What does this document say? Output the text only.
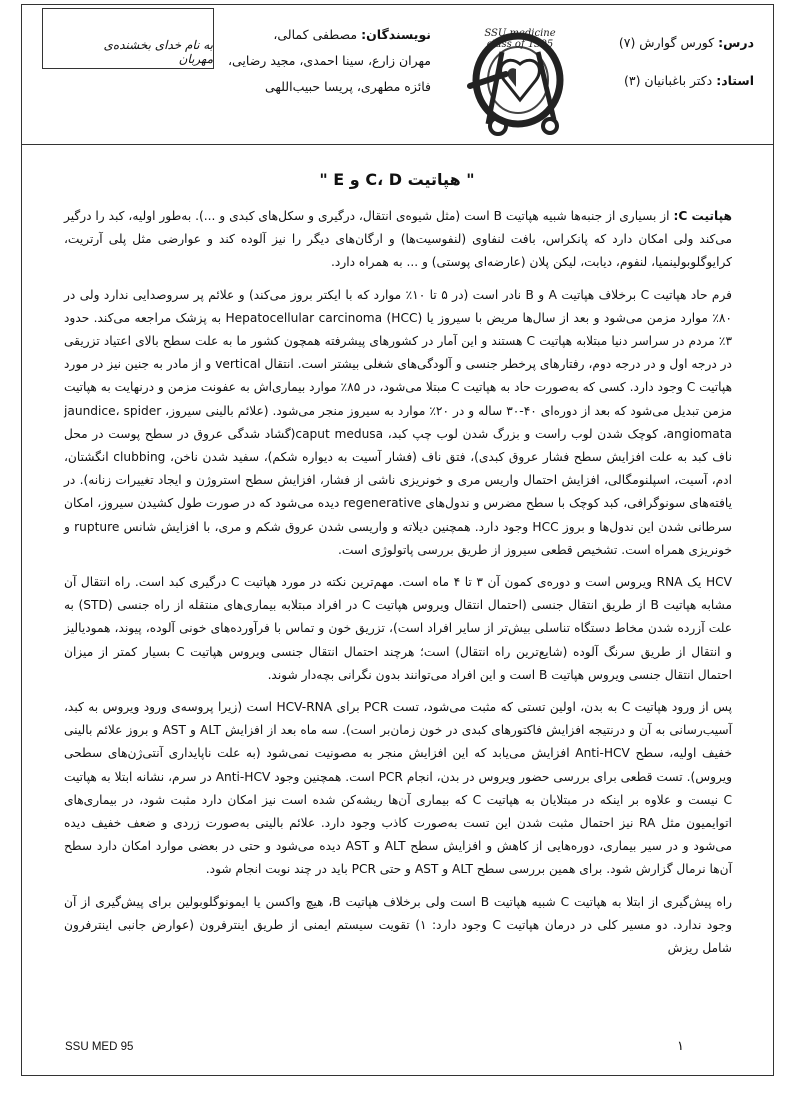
درس: کورس گوارش (۷)
استاد: دکتر باغبانیان (۳)
SSU medicine
class of 1395
نویسندگان: مصطفی کمالی،
مهران زارع، سینا احمدی، مجید رضایی،
فائزه مطهری، پریسا حبیب‌اللهی
به نام خدای بخشنده‌ی مهربان
" هپاتیت C، D و E "

هپاتیت C: از بسیاری از جنبه‌ها شبیه هپاتیت B است (مثل شیوه‌ی انتقال، درگیری و سکل‌های کبدی و ...). به‌طور اولیه، کبد را درگیر می‌کند ولی امکان دارد که پانکراس، بافت لنفاوی (لنفوسیت‌ها) و ارگان‌های دیگر را نیز آلوده کند و عوارضی مثل پلی آرتریت، کرایوگلوبولینمیا، لنفوم، دیابت، لیکن پلان (عارضه‌ای پوستی) و ... به همراه دارد.

فرم حاد هپاتیت C برخلاف هپاتیت A و B نادر است (در ۵ تا ۱۰٪ موارد که با ایکتر بروز می‌کند) و علائم پر سروصدایی ندارد ولی در ۸۰٪ موارد مزمن می‌شود و بعد از سال‌ها مریض با سیروز یا (HCC) Hepatocellular carcinoma به پزشک مراجعه می‌کند. حدود ۳٪ مردم در سراسر دنیا مبتلابه هپاتیت C هستند و این آمار در کشورهای پیشرفته همچون کشور ما به علت سطح بالای اعتیاد تزریقی در درجه اول و در درجه دوم، رفتارهای پرخطر جنسی و آلودگی‌های شغلی بیشتر است. انتقال vertical و از مادر به جنین نیز در مورد هپاتیت C وجود دارد. کسی که به‌صورت حاد به هپاتیت C مبتلا می‌شود، در ۸۵٪ موارد بیماری‌اش به عفونت مزمن و درنهایت به هپاتیت مزمن تبدیل می‌شود که بعد از دوره‌ای ۴۰-۳۰ ساله و در ۲۰٪ موارد به سیروز منجر می‌شود. (علائم بالینی سیروز، jaundice، spider angiomata، کوچک شدن لوب راست و بزرگ شدن لوب چپ کبد، caput medusa(گشاد شدگی عروق در سطح پوست در محل ناف کبد به علت افزایش سطح فشار عروق کبدی)، فتق ناف (فشار آسیت به دیواره شکم)، سفید شدن ناخن، clubbing انگشتان، ادم، آسیت، اسپلنومگالی، افزایش احتمال واریس مری و خونریزی ناشی از فشار، افزایش سطح استروژن و ایجاد تغییرات زنانه). در یافته‌های سونوگرافی، کبد کوچک با سطح مضرس و ندول‌های regenerative دیده می‌شود که در صورت طول کشیدن سیروز، امکان سرطانی شدن این ندول‌ها و بروز HCC وجود دارد. همچنین دیلاته و واریسی شدن عروق شکم و مری، با افزایش شانس rupture و خونریزی همراه است. تشخیص قطعی سیروز از طریق بررسی پاتولوژی است.

HCV یک RNA ویروس است و دوره‌ی کمون آن ۳ تا ۴ ماه است. مهم‌ترین نکته در مورد هپاتیت C درگیری کبد است. راه انتقال آن مشابه هپاتیت B از طریق انتقال جنسی (احتمال انتقال ویروس هپاتیت C در افراد مبتلابه بیماری‌های منتقله از راه جنسی (STD) به علت آزرده شدن مخاط دستگاه تناسلی بیش‌تر از سایر افراد است)، تزریق خون و تماس با فرآورده‌های خونی آلوده، پیوند، همودیالیز و انتقال از طریق سرنگ آلوده (شایع‌ترین راه انتقال) است؛ هرچند احتمال انتقال جنسی ویروس هپاتیت C بسیار کمتر از میزان احتمال انتقال جنسی ویروس هپاتیت B است و این افراد می‌توانند بدون نگرانی بچه‌دار شوند.

پس از ورود هپاتیت C به بدن، اولین تستی که مثبت می‌شود، تست PCR برای HCV-RNA است (زیرا پروسه‌ی ورود ویروس به کبد، آسیب‌رسانی به آن و درنتیجه افزایش فاکتورهای کبدی در خون زمان‌بر است). سه ماه بعد از افزایش ALT و AST و بروز علائم بالینی خفیف اولیه، سطح Anti-HCV افزایش می‌یابد که این افزایش منجر به مصونیت نمی‌شود (به علت ناپایداری آنتی‌ژن‌های سطحی ویروس). تست قطعی برای بررسی حضور ویروس در بدن، انجام PCR است. همچنین وجود Anti-HCV در سرم، نشانه ابتلا به هپاتیت C نیست و علاوه بر اینکه در مبتلایان به هپاتیت C که بیماری آن‌ها ریشه‌کن شده است نیز امکان دارد مثبت شود، در بیماری‌های اتوایمیون مثل RA نیز احتمال مثبت شدن این تست به‌صورت کاذب وجود دارد. علائم بالینی به‌صورت زردی و ضعف خفیف دیده می‌شود و در سیر بیماری، دوره‌هایی از کاهش و افزایش سطح ALT و AST دیده می‌شود و حتی در بعضی موارد امکان دارد سطح آن‌ها نرمال گزارش شود. برای همین بررسی سطح ALT و AST و حتی PCR باید در چند نوبت انجام شود.

راه پیش‌گیری از ابتلا به هپاتیت C شبیه هپاتیت B است ولی برخلاف هپاتیت B، هیچ واکسن یا ایمونوگلوبولین برای پیش‌گیری از آن وجود ندارد. دو مسیر کلی در درمان هپاتیت C وجود دارد: ۱) تقویت سیستم ایمنی از طریق اینترفرون (عوارض جانبی اینترفرون شامل ریزش

SSU MED 95	۱
